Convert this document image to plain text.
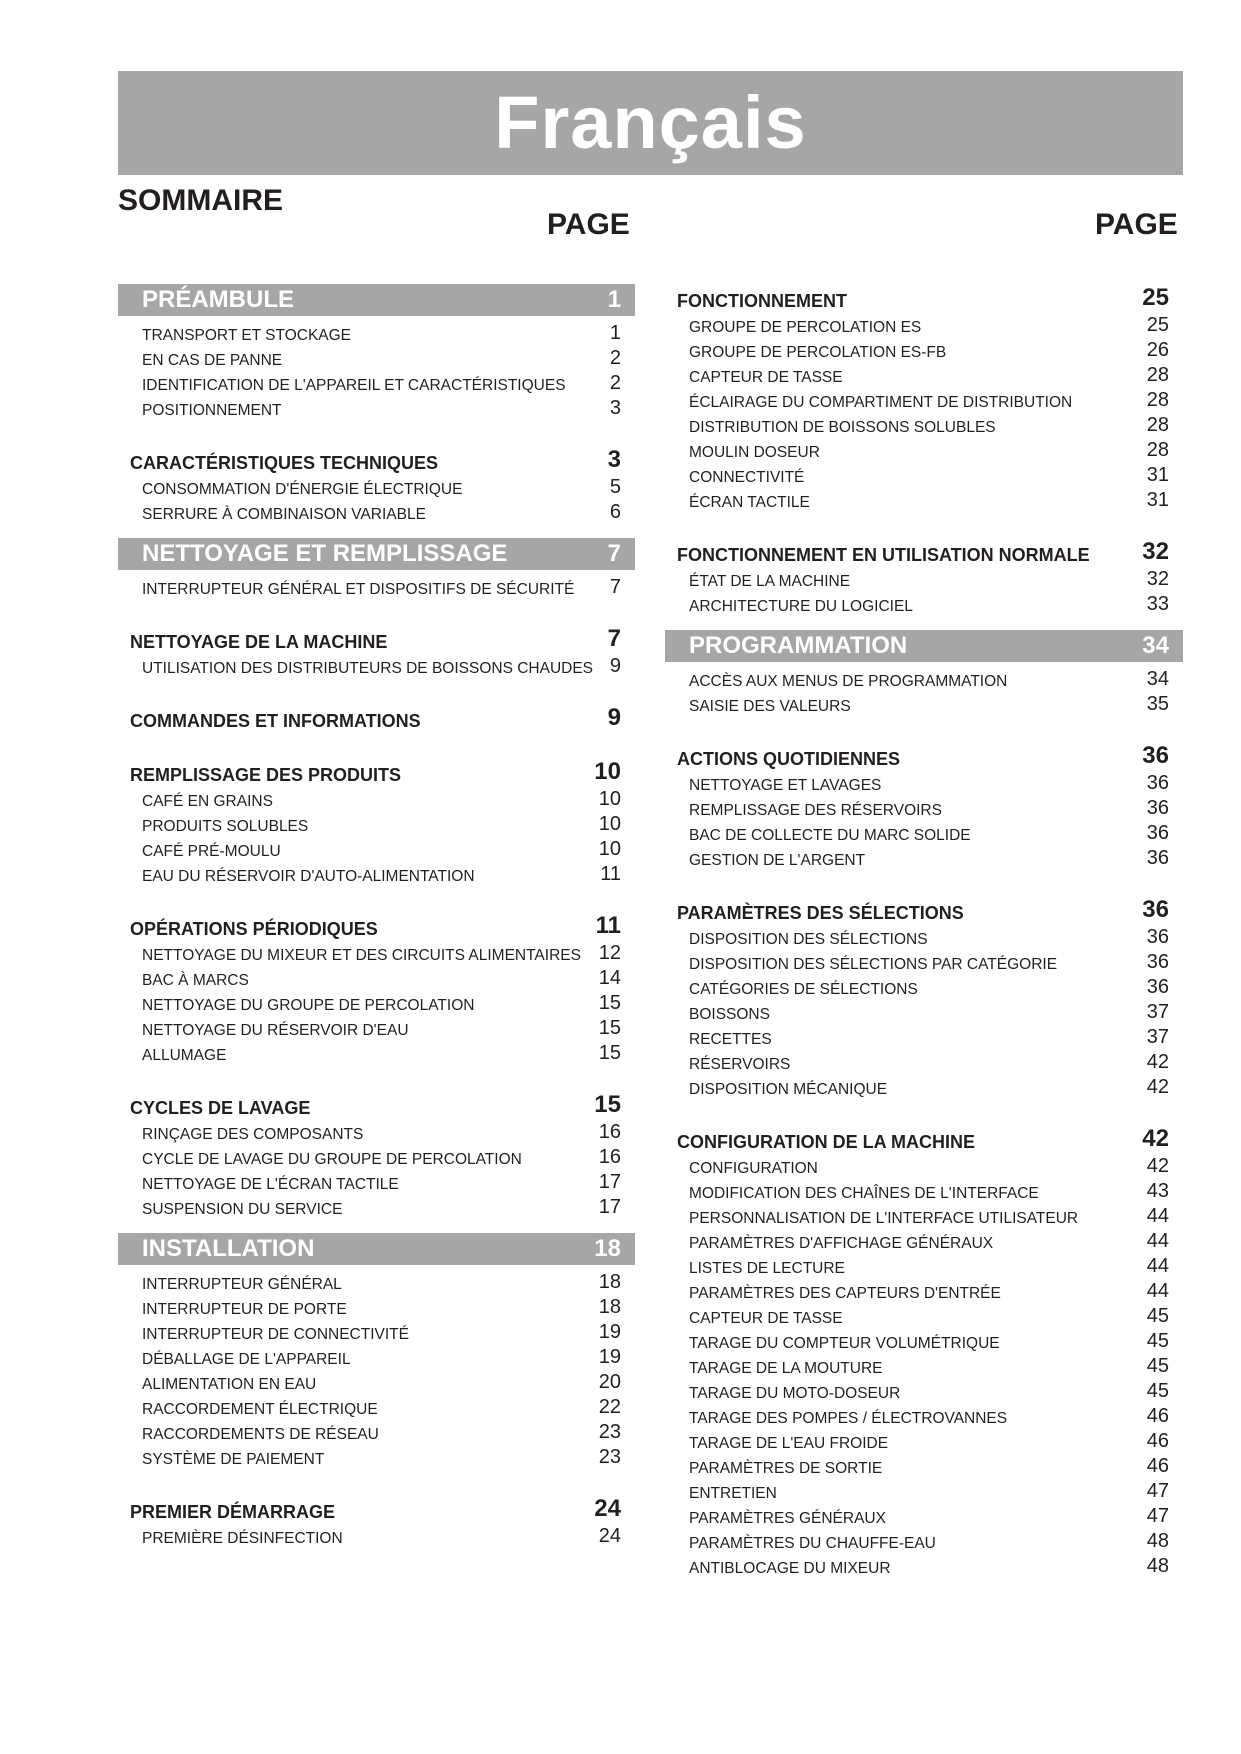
Français
SOMMAIRE
PAGE	PAGE
PRÉAMBULE	1
TRANSPORT ET STOCKAGE	1
EN CAS DE PANNE	2
IDENTIFICATION DE L'APPAREIL ET CARACTÉRISTIQUES 2
POSITIONNEMENT	3
CARACTÉRISTIQUES TECHNIQUES	3
CONSOMMATION D'ÉNERGIE ÉLECTRIQUE	5
SERRURE À COMBINAISON VARIABLE	6
NETTOYAGE ET REMPLISSAGE	7
INTERRUPTEUR GÉNÉRAL ET DISPOSITIFS DE SÉCURITÉ 7
NETTOYAGE DE LA MACHINE	7
UTILISATION DES DISTRIBUTEURS DE BOISSONS CHAUDES 9
COMMANDES ET INFORMATIONS	9
REMPLISSAGE DES PRODUITS	10
CAFÉ EN GRAINS	10
PRODUITS SOLUBLES	10
CAFÉ PRÉ-MOULU	10
EAU DU RÉSERVOIR D'AUTO-ALIMENTATION	11
OPÉRATIONS PÉRIODIQUES	11
NETTOYAGE DU MIXEUR ET DES CIRCUITS ALIMENTAIRES 12
BAC À MARCS	14
NETTOYAGE DU GROUPE DE PERCOLATION	15
NETTOYAGE DU RÉSERVOIR D'EAU	15
ALLUMAGE	15
CYCLES DE LAVAGE	15
RINÇAGE DES COMPOSANTS	16
CYCLE DE LAVAGE DU GROUPE DE PERCOLATION	16
NETTOYAGE DE L'ÉCRAN TACTILE	17
SUSPENSION DU SERVICE	17
INSTALLATION	18
INTERRUPTEUR GÉNÉRAL	18
INTERRUPTEUR DE PORTE	18
INTERRUPTEUR DE CONNECTIVITÉ	19
DÉBALLAGE DE L'APPAREIL	19
ALIMENTATION EN EAU	20
RACCORDEMENT ÉLECTRIQUE	22
RACCORDEMENTS DE RÉSEAU	23
SYSTÈME DE PAIEMENT	23
PREMIER DÉMARRAGE	24
PREMIÈRE DÉSINFECTION	24
FONCTIONNEMENT	25
GROUPE DE PERCOLATION ES	25
GROUPE DE PERCOLATION ES-FB	26
CAPTEUR DE TASSE	28
ÉCLAIRAGE DU COMPARTIMENT DE DISTRIBUTION	28
DISTRIBUTION DE BOISSONS SOLUBLES	28
MOULIN DOSEUR	28
CONNECTIVITÉ	31
ÉCRAN TACTILE	31
FONCTIONNEMENT EN UTILISATION NORMALE 32
ÉTAT DE LA MACHINE	32
ARCHITECTURE DU LOGICIEL	33
PROGRAMMATION	34
ACCÈS AUX MENUS DE PROGRAMMATION	34
SAISIE DES VALEURS	35
ACTIONS QUOTIDIENNES	36
NETTOYAGE ET LAVAGES	36
REMPLISSAGE DES RÉSERVOIRS	36
BAC DE COLLECTE DU MARC SOLIDE	36
GESTION DE L'ARGENT	36
PARAMÈTRES DES SÉLECTIONS	36
DISPOSITION DES SÉLECTIONS	36
DISPOSITION DES SÉLECTIONS PAR CATÉGORIE	36
CATÉGORIES DE SÉLECTIONS	36
BOISSONS	37
RECETTES	37
RÉSERVOIRS	42
DISPOSITION MÉCANIQUE	42
CONFIGURATION DE LA MACHINE	42
CONFIGURATION	42
MODIFICATION DES CHAÎNES DE L'INTERFACE	43
PERSONNALISATION DE L'INTERFACE UTILISATEUR	44
PARAMÈTRES D'AFFICHAGE GÉNÉRAUX	44
LISTES DE LECTURE	44
PARAMÈTRES DES CAPTEURS D'ENTRÉE	44
CAPTEUR DE TASSE	45
TARAGE DU COMPTEUR VOLUMÉTRIQUE	45
TARAGE DE LA MOUTURE	45
TARAGE DU MOTO-DOSEUR	45
TARAGE DES POMPES / ÉLECTROVANNES	46
TARAGE DE L'EAU FROIDE	46
PARAMÈTRES DE SORTIE	46
ENTRETIEN	47
PARAMÈTRES GÉNÉRAUX	47
PARAMÈTRES DU CHAUFFE-EAU	48
ANTIBLOCAGE DU MIXEUR	48
